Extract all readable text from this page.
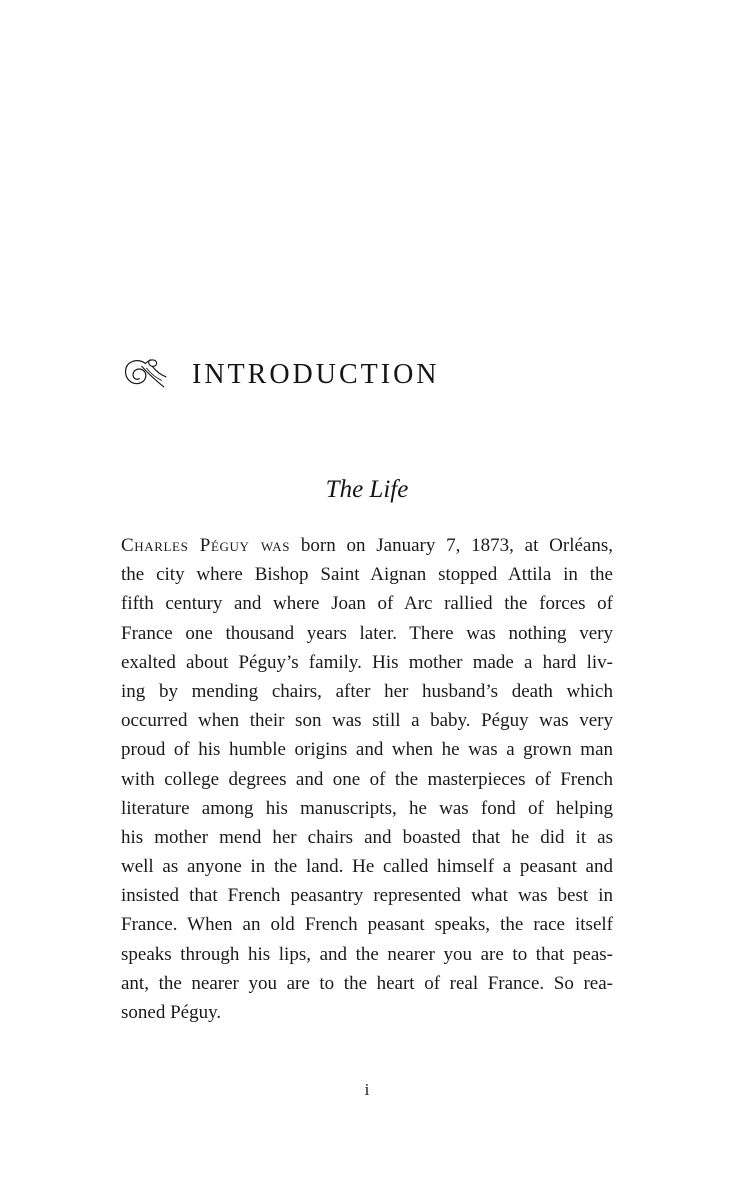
INTRODUCTION
The Life
Charles Péguy was born on January 7, 1873, at Orléans,
the city where Bishop Saint Aignan stopped Attila in the
fifth century and where Joan of Arc rallied the forces of
France one thousand years later. There was nothing very
exalted about Péguy’s family. His mother made a hard liv-
ing by mending chairs, after her husband’s death which
occurred when their son was still a baby. Péguy was very
proud of his humble origins and when he was a grown man
with college degrees and one of the masterpieces of French
literature among his manuscripts, he was fond of helping
his mother mend her chairs and boasted that he did it as
well as anyone in the land. He called himself a peasant and
insisted that French peasantry represented what was best in
France. When an old French peasant speaks, the race itself
speaks through his lips, and the nearer you are to that peas-
ant, the nearer you are to the heart of real France. So rea-
soned Péguy.
i
